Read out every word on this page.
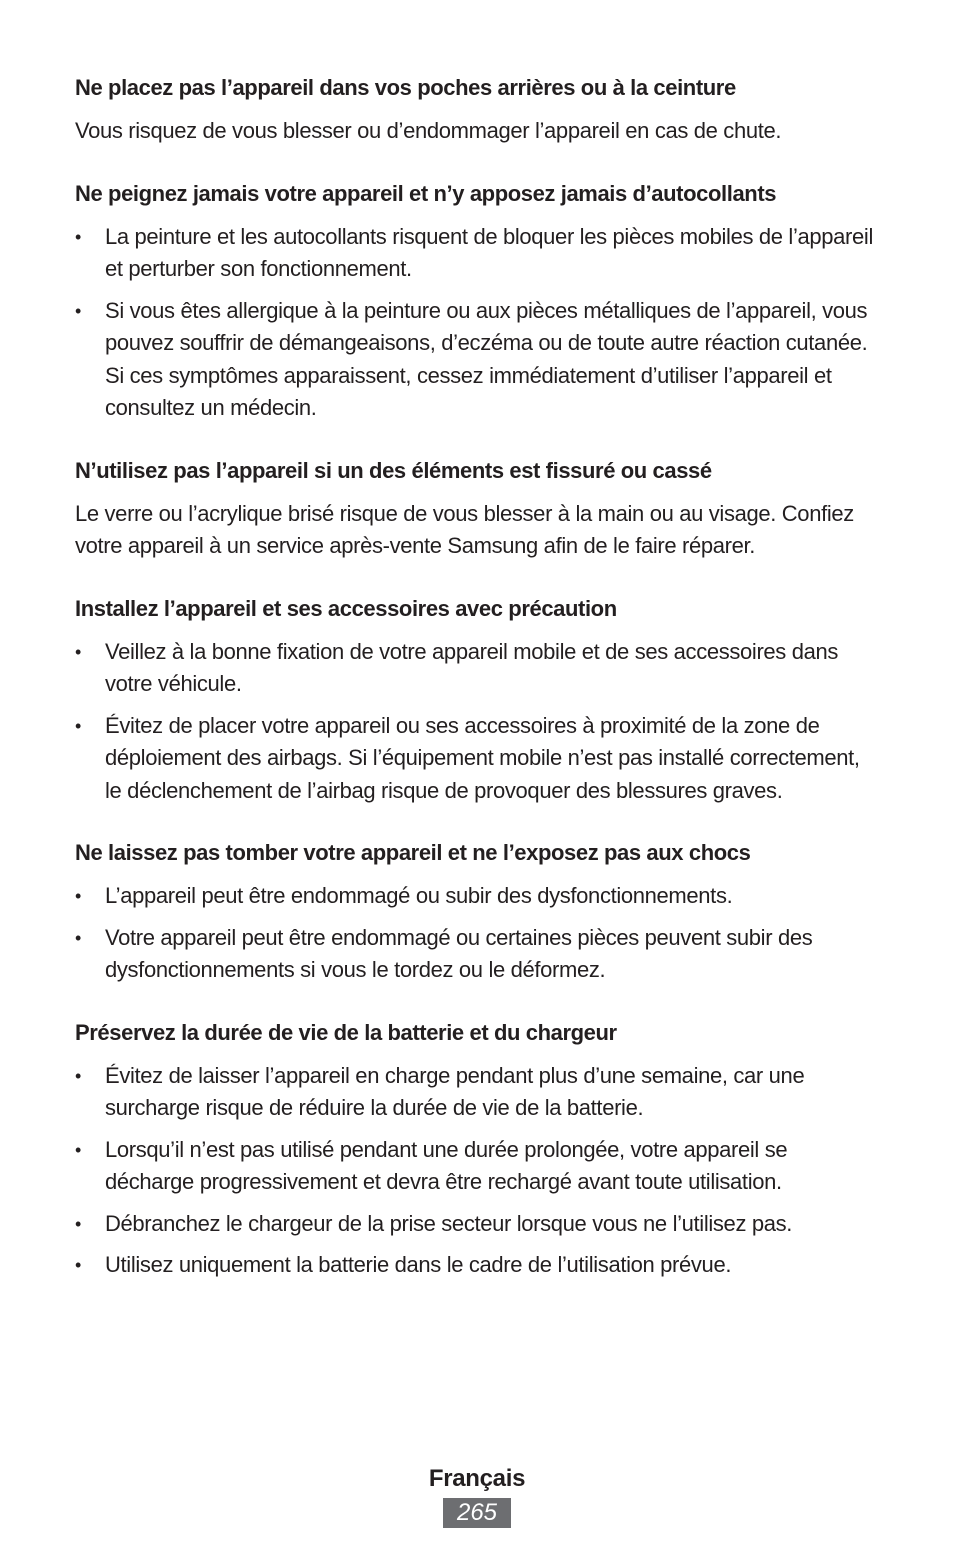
Ne placez pas l’appareil dans vos poches arrières ou à la ceinture

Vous risquez de vous blesser ou d’endommager l’appareil en cas de chute.

Ne peignez jamais votre appareil et n’y apposez jamais d’autocollants
• La peinture et les autocollants risquent de bloquer les pièces mobiles de l’appareil et perturber son fonctionnement.
• Si vous êtes allergique à la peinture ou aux pièces métalliques de l’appareil, vous pouvez souffrir de démangeaisons, d’eczéma ou de toute autre réaction cutanée. Si ces symptômes apparaissent, cessez immédiatement d’utiliser l’appareil et consultez un médecin.
N’utilisez pas l’appareil si un des éléments est fissuré ou cassé

Le verre ou l’acrylique brisé risque de vous blesser à la main ou au visage. Confiez votre appareil à un service après-vente Samsung afin de le faire réparer.

Installez l’appareil et ses accessoires avec précaution
• Veillez à la bonne fixation de votre appareil mobile et de ses accessoires dans votre véhicule.
• Évitez de placer votre appareil ou ses accessoires à proximité de la zone de déploiement des airbags. Si l’équipement mobile n’est pas installé correctement, le déclenchement de l’airbag risque de provoquer des blessures graves.
Ne laissez pas tomber votre appareil et ne l’exposez pas aux chocs
• L’appareil peut être endommagé ou subir des dysfonctionnements.
• Votre appareil peut être endommagé ou certaines pièces peuvent subir des dysfonctionnements si vous le tordez ou le déformez.
Préservez la durée de vie de la batterie et du chargeur
• Évitez de laisser l’appareil en charge pendant plus d’une semaine, car une surcharge risque de réduire la durée de vie de la batterie.
• Lorsqu’il n’est pas utilisé pendant une durée prolongée, votre appareil se décharge progressivement et devra être rechargé avant toute utilisation.
• Débranchez le chargeur de la prise secteur lorsque vous ne l’utilisez pas.
• Utilisez uniquement la batterie dans le cadre de l’utilisation prévue.
Français
265
